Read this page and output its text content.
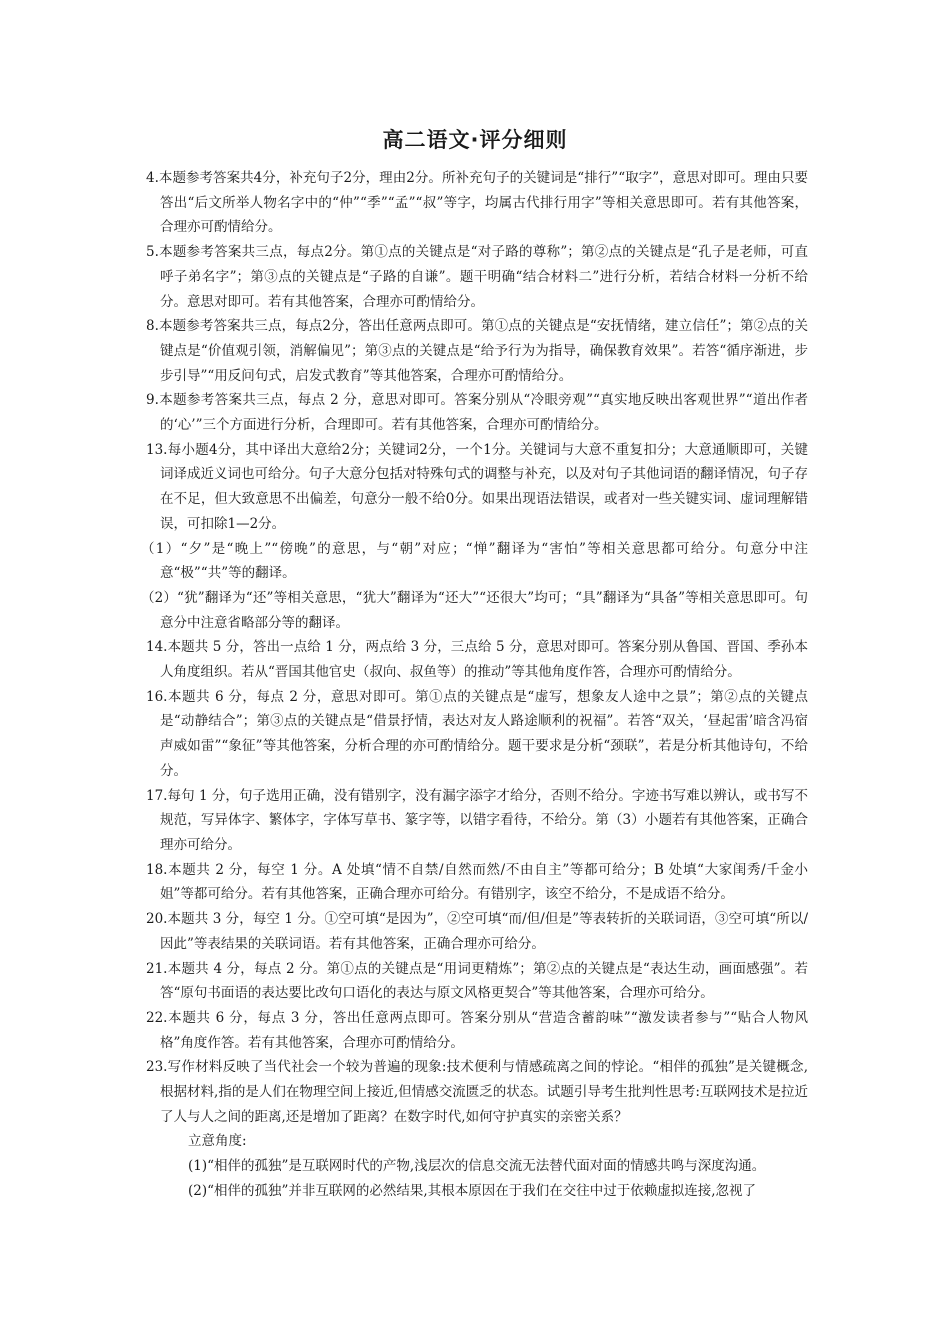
高二语文·评分细则

4.本题参考答案共4分，补充句子2分，理由2分。所补充句子的关键词是“排行”“取字”，意思对即可。理由只要答出“后文所举人物名字中的“仲”“季”“孟”“叔”等字，均属古代排行用字”等相关意思即可。若有其他答案，合理亦可酌情给分。

5.本题参考答案共三点，每点2分。第①点的关键点是“对子路的尊称”；第②点的关键点是“孔子是老师，可直呼子弟名字”；第③点的关键点是“子路的自谦”。题干明确“结合材料二”进行分析，若结合材料一分析不给分。意思对即可。若有其他答案，合理亦可酌情给分。

8.本题参考答案共三点，每点2分，答出任意两点即可。第①点的关键点是“安抚情绪，建立信任”；第②点的关键点是“价值观引领，消解偏见”；第③点的关键点是“给予行为为指导，确保教育效果”。若答“循序渐进，步步引导”“用反问句式，启发式教育”等其他答案，合理亦可酌情给分。

9.本题参考答案共三点，每点 2 分，意思对即可。答案分别从“冷眼旁观”“真实地反映出客观世界”“道出作者的‘心’”三个方面进行分析，合理即可。若有其他答案，合理亦可酌情给分。

13.每小题4分，其中译出大意给2分；关键词2分，一个1分。关键词与大意不重复扣分；大意通顺即可，关键词译成近义词也可给分。句子大意分包括对特殊句式的调整与补充，以及对句子其他词语的翻译情况，句子存在不足，但大致意思不出偏差，句意分一般不给0分。如果出现语法错误，或者对一些关键实词、虚词理解错误，可扣除1—2分。

（1）“夕”是“晚上”“傍晚”的意思，与“朝”对应；“惮”翻译为“害怕”等相关意思都可给分。句意分中注意“极”“共”等的翻译。

（2）“犹”翻译为“还”等相关意思，“犹大”翻译为“还大”“还很大”均可；“具”翻译为“具备”等相关意思即可。句意分中注意省略部分等的翻译。

14.本题共 5 分，答出一点给 1 分，两点给 3 分，三点给 5 分，意思对即可。答案分别从鲁国、晋国、季孙本人角度组织。若从“晋国其他官史（叔向、叔鱼等）的推动”等其他角度作答，合理亦可酌情给分。

16.本题共 6 分，每点 2 分，意思对即可。第①点的关键点是“虚写，想象友人途中之景”；第②点的关键点是“动静结合”；第③点的关键点是“借景抒情，表达对友人路途顺利的祝福”。若答“双关，‘昼起雷’暗含冯宿声威如雷”“象征”等其他答案，分析合理的亦可酌情给分。题干要求是分析“颈联”，若是分析其他诗句，不给分。

17.每句 1 分，句子选用正确，没有错别字，没有漏字添字才给分，否则不给分。字迹书写难以辨认，或书写不规范，写异体字、繁体字，字体写草书、篆字等，以错字看待，不给分。第（3）小题若有其他答案，正确合理亦可给分。

18.本题共 2 分，每空 1 分。A 处填“情不自禁/自然而然/不由自主”等都可给分；B 处填“大家闺秀/千金小姐”等都可给分。若有其他答案，正确合理亦可给分。有错别字，该空不给分，不是成语不给分。

20.本题共 3 分，每空 1 分。①空可填“是因为”，②空可填“而/但/但是”等表转折的关联词语，③空可填“所以/因此”等表结果的关联词语。若有其他答案，正确合理亦可给分。

21.本题共 4 分，每点 2 分。第①点的关键点是“用词更精炼”；第②点的关键点是“表达生动，画面感强”。若答“原句书面语的表达要比改句口语化的表达与原文风格更契合”等其他答案，合理亦可给分。

22.本题共 6 分，每点 3 分，答出任意两点即可。答案分别从“营造含蓄韵味”“激发读者参与”“贴合人物风格”角度作答。若有其他答案，合理亦可酌情给分。

23.写作材料反映了当代社会一个较为普遍的现象:技术便利与情感疏离之间的悖论。“相伴的孤独”是关键概念,根据材料,指的是人们在物理空间上接近,但情感交流匮乏的状态。试题引导考生批判性思考:互联网技术是拉近了人与人之间的距离,还是增加了距离？在数字时代,如何守护真实的亲密关系？

立意角度:

(1)“相伴的孤独”是互联网时代的产物,浅层次的信息交流无法替代面对面的情感共鸣与深度沟通。

(2)“相伴的孤独”并非互联网的必然结果,其根本原因在于我们在交往中过于依赖虚拟连接,忽视了
